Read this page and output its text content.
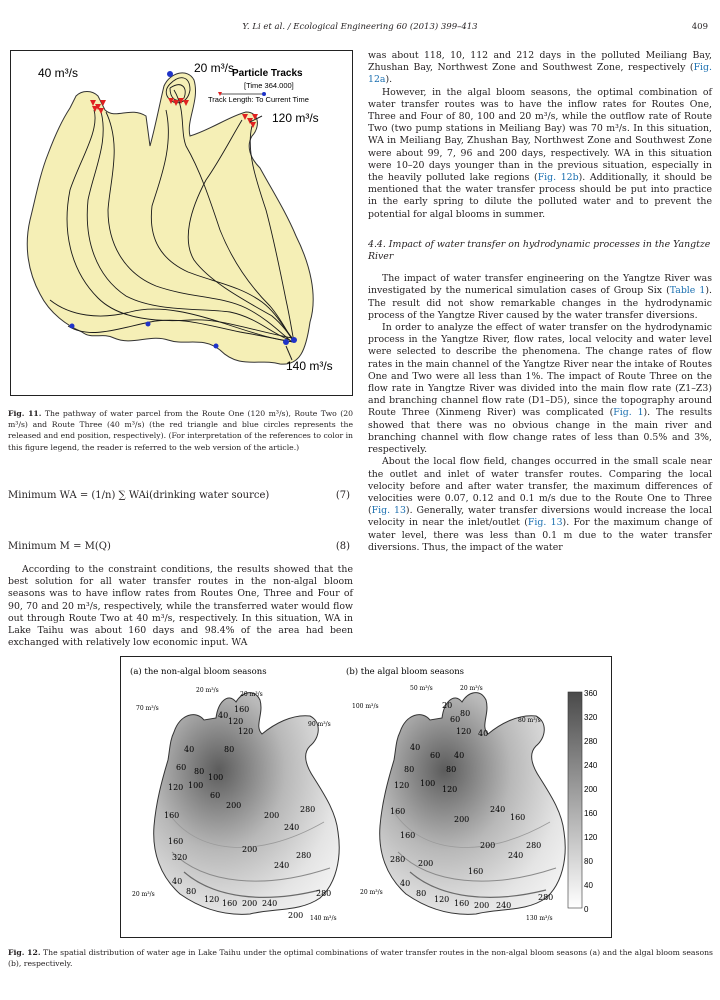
Y. Li et al. / Ecological Engineering 60 (2013) 399–413	409
Particle Tracks
[Time 364.000]
Track Length: To Current Time
40 m³/s	20 m³/s
120 m³/s
140 m³/s
Fig. 11. The pathway of water parcel from the Route One (120 m³/s), Route Two (20 m³/s) and Route Three (40 m³/s) (the red triangle and blue circles represents the released and end position, respectively). (For interpretation of the references to color in this figure legend, the reader is referred to the web version of the article.)
Minimum WA = (1/n) ∑ WAi(drinking water source)	(7)
Minimum M = M(Q)	(8)

According to the constraint conditions, the results showed that the best solution for all water transfer routes in the non-algal bloom seasons was to have inflow rates from Routes One, Three and Four of 90, 70 and 20 m³/s, respectively, while the transferred water would flow out through Route Two at 40 m³/s, respectively. In this situation, WA in Lake Taihu was about 160 days and 98.4% of the area had been exchanged with relatively low economic input. WA

was about 118, 10, 112 and 212 days in the polluted Meiliang Bay, Zhushan Bay, Northwest Zone and Southwest Zone, respectively (Fig. 12a).

However, in the algal bloom seasons, the optimal combination of water transfer routes was to have the inflow rates for Routes One, Three and Four of 80, 100 and 20 m³/s, while the outflow rate of Route Two (two pump stations in Meiliang Bay) was 70 m³/s. In this situation, WA in Meiliang Bay, Zhushan Bay, Northwest Zone and Southwest Zone were about 99, 7, 96 and 200 days, respectively. WA in this situation were 10–20 days younger than in the previous situation, especially in the heavily polluted lake regions (Fig. 12b). Additionally, it should be mentioned that the water transfer process should be put into practice in the early spring to dilute the polluted water and to prevent the potential for algal blooms in summer.

4.4. Impact of water transfer on hydrodynamic processes in the Yangtze River

The impact of water transfer engineering on the Yangtze River was investigated by the numerical simulation cases of Group Six (Table 1). The result did not show remarkable changes in the hydrodynamic process of the Yangtze River caused by the water transfer diversions.

In order to analyze the effect of water transfer on the hydrodynamic process in the Yangtze River, flow rates, local velocity and water level were selected to describe the phenomena. The change rates of flow rates in the main channel of the Yangtze River near the intake of Routes One and Two were all less than 1%. The impact of Route Three on the flow rate in Yangtze River was divided into the main flow rate (Z1–Z3) and branching channel flow rate (D1–D5), since the topography around Route Three (Xinmeng River) was complicated (Fig. 1). The results showed that there was no obvious change in the main river and branching channel with flow change rates of less than 0.5% and 3%, respectively.

About the local flow field, changes occurred in the small scale near the outlet and inlet of water transfer routes. Comparing the local velocity before and after water transfer, the maximum differences of velocities were 0.07, 0.12 and 0.1 m/s due to the Route One to Three (Fig. 13). Generally, water transfer diversions would increase the local velocity in near the inlet/outlet (Fig. 13). For the maximum change of water level, there was less than 0.1 m due to the water transfer diversions. Thus, the impact of the water

(a) the non-algal bloom seasons
70 m³/s
20 m³/s
20 m³/s
90 m³/s
20 m³/s
140 m³/s
40
120
160
120
80
40
60 80
120 100
100
60
160
200
200
240
280
160
320
200
240
280
40
80
120 160 200 240
280
200
(b) the algal bloom seasons
100 m³/s
50 m³/s	20 m³/s
80 m³/s
20 m³/s
130 m³/s
20
60
80
120 40
40
60 40
80	80
120 100
120
160	240
160
200
160
200
240
280
280 200
160
40
80
120 160 200 240
280
360
320
280
240
200
160
120
80
40
0
Fig. 12. The spatial distribution of water age in Lake Taihu under the optimal combinations of water transfer routes in the non-algal bloom seasons (a) and the algal bloom seasons (b), respectively.
